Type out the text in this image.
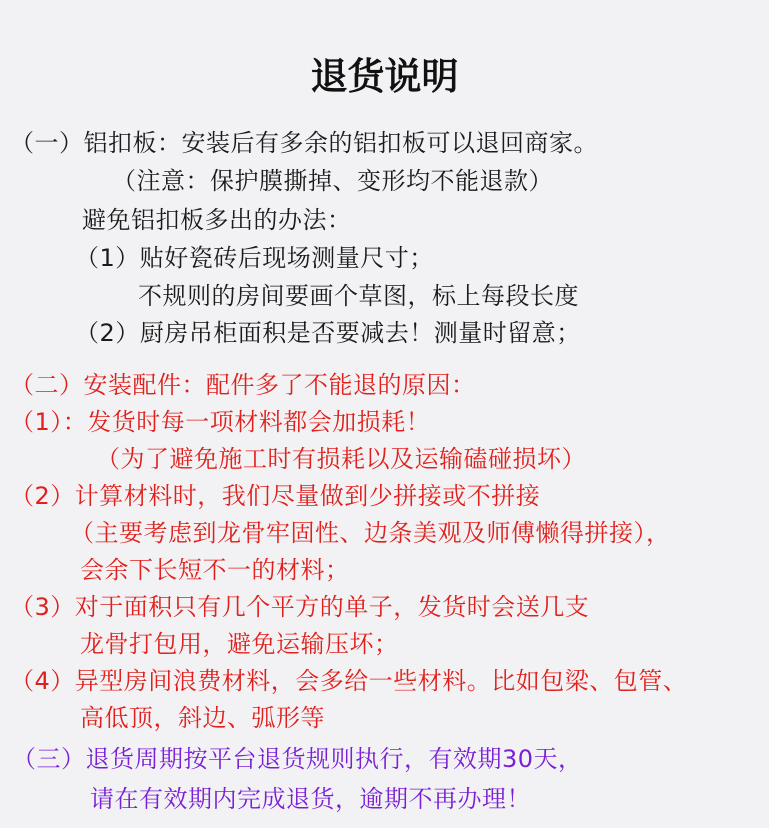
退货说明
（一）铝扣板：安装后有多余的铝扣板可以退回商家。
（注意：保护膜撕掉、变形均不能退款）
避免铝扣板多出的办法：
（1）贴好瓷砖后现场测量尺寸；
不规则的房间要画个草图，标上每段长度
（2）厨房吊柜面积是否要减去！测量时留意；
（二）安装配件：配件多了不能退的原因：
（1）：发货时每一项材料都会加损耗！
（为了避免施工时有损耗以及运输磕碰损坏）
（2）计算材料时，我们尽量做到少拼接或不拼接
（主要考虑到龙骨牢固性、边条美观及师傅懒得拼接），
会余下长短不一的材料；
（3）对于面积只有几个平方的单子，发货时会送几支
龙骨打包用，避免运输压坏；
（4）异型房间浪费材料，会多给一些材料。比如包梁、包管、
高低顶，斜边、弧形等
（三）退货周期按平台退货规则执行，有效期30天，
请在有效期内完成退货，逾期不再办理！
